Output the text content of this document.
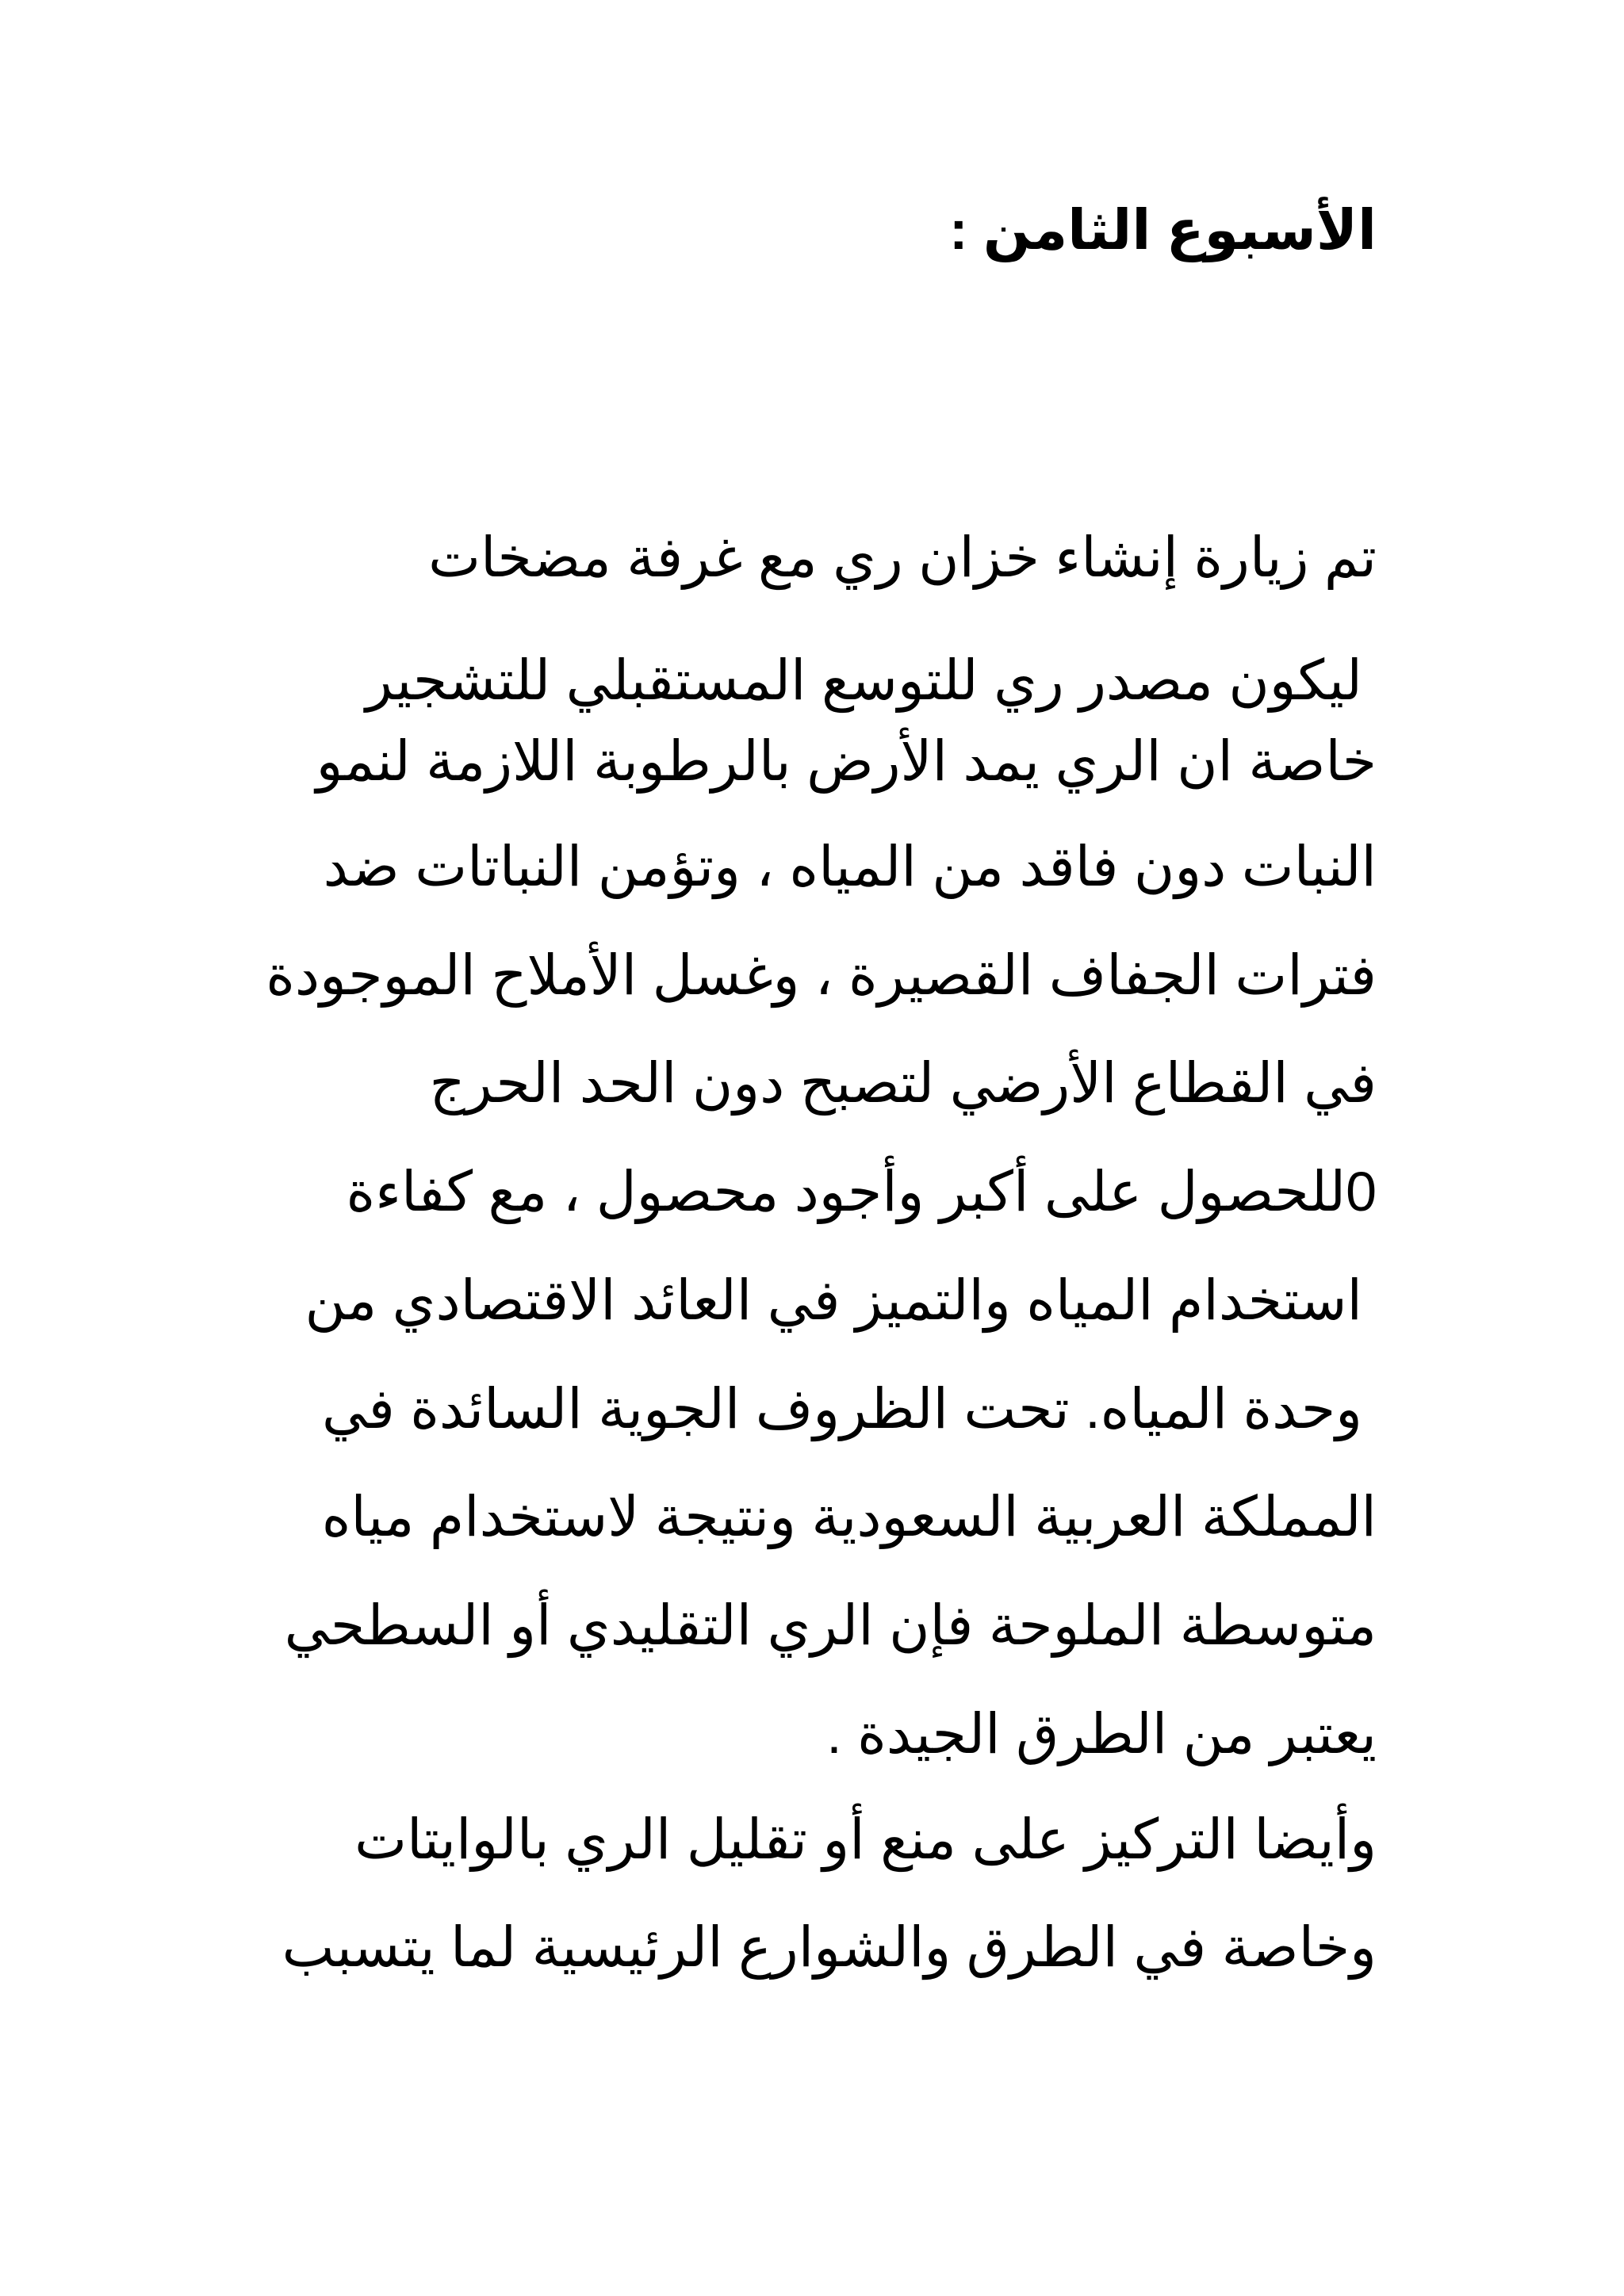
الأسبوع الثامن :
تم زيارة إنشاء خزان ري مع غرفة مضخات
ليكون مصدر ري للتوسع المستقبلي للتشجير
خاصة ان الري يمد الأرض بالرطوبة اللازمة لنمو
النبات دون فاقد من المياه ، وتؤمن النباتات ضد
فترات الجفاف القصيرة ، وغسل الأملاح الموجودة
في القطاع الأرضي لتصبح دون الحد الحرج
0للحصول على أكبر وأجود محصول ، مع كفاءة
استخدام المياه والتميز في العائد الاقتصادي من
وحدة المياه. تحت الظروف الجوية السائدة في
المملكة العربية السعودية ونتيجة لاستخدام مياه
متوسطة الملوحة فإن الري التقليدي أو السطحي
يعتبر من الطرق الجيدة .
وأيضا التركيز على منع أو تقليل الري بالوايتات
وخاصة في الطرق والشوارع الرئيسية لما يتسبب
